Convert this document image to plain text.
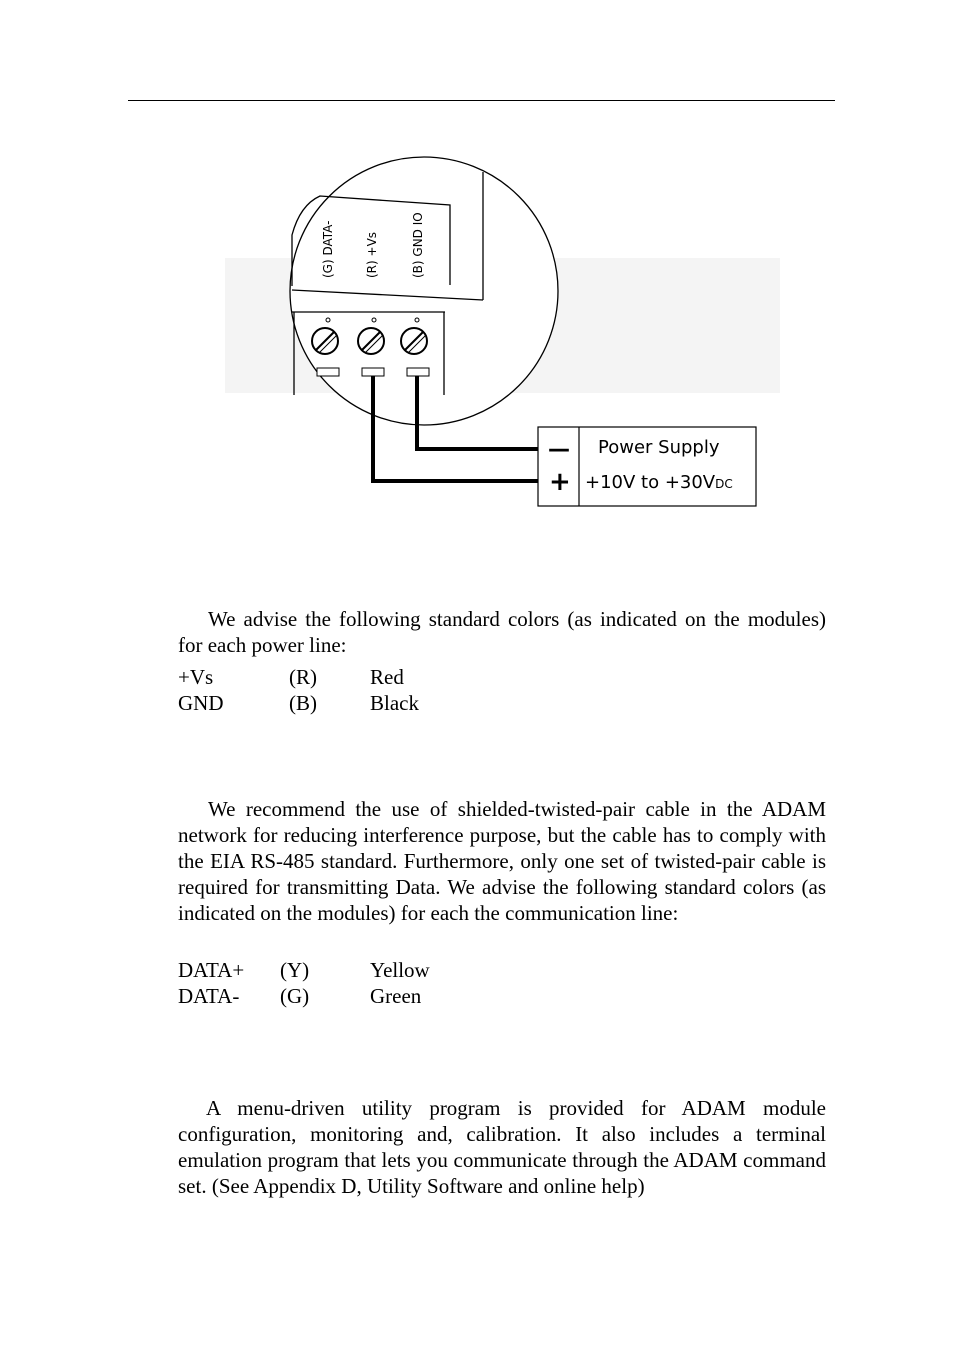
(G) DATA-	(R) +Vs	(B) GND IO
—
+
Power Supply
+10V to +30VDC
We advise the following standard colors (as indicated on the modules) for each power line:
+Vs	(R)	Red
GND	(B)	Black
We recommend the use of shielded-twisted-pair cable in the ADAM network for reducing interference purpose, but the cable has to comply with the EIA RS-485 standard. Furthermore, only one set of twisted-pair cable is required for transmitting Data. We advise the following standard colors (as indicated on the modules) for each the communication line:
DATA+ (Y)	Yellow
DATA- (G)	Green
A menu-driven utility program is provided for ADAM module configuration, monitoring and, calibration. It also includes a terminal emulation program that lets you communicate through the ADAM command set. (See Appendix D, Utility Software and online help)
